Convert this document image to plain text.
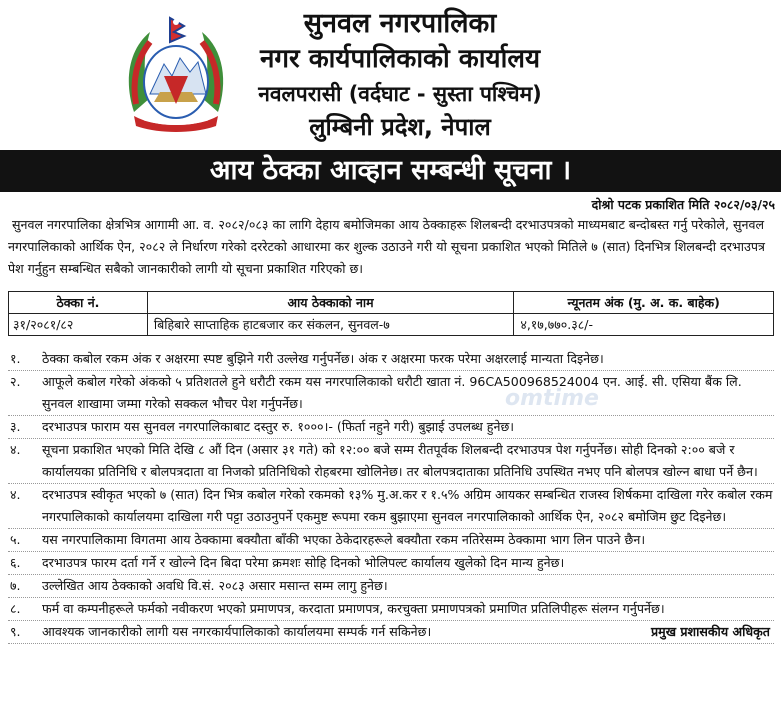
सुनवल नगरपालिका
नगर कार्यपालिकाको कार्यालय
नवलपरासी (वर्दघाट - सुस्ता पश्चिम)
लुम्बिनी प्रदेश, नेपाल
आय ठेक्का आव्हान सम्बन्धी सूचना ।
दोश्रो पटक प्रकाशित मिति २०८२/०३/२५
सुनवल नगरपालिका क्षेत्रभित्र आगामी आ. व. २०८२/०८३ का लागि देहाय बमोजिमका आय ठेक्काहरू शिलबन्दी दरभाउपत्रको माध्यमबाट बन्दोबस्त गर्नु परेकोले, सुनवल नगरपालिकाको आर्थिक ऐन, २०८२ ले निर्धारण गरेको दररेटको आधारमा कर शुल्क उठाउने गरी यो सूचना प्रकाशित भएको मितिले ७ (सात) दिनभित्र शिलबन्दी दरभाउपत्र पेश गर्नुहुन सम्बन्धित सबैको जानकारीको लागी यो सूचना प्रकाशित गरिएको छ।
ठेक्का नं.	आय ठेक्काको नाम	न्यूनतम अंक (मु. अ. क. बाहेक)
३१/२०८१/८२	बिहिबारे साप्ताहिक हाटबजार कर संकलन, सुनवल-७	४,१७,७७०.३८/-
१.	ठेक्का कबोल रकम अंक र अक्षरमा स्पष्ट बुझिने गरी उल्लेख गर्नुपर्नेछ। अंक र अक्षरमा फरक परेमा अक्षरलाई मान्यता दिइनेछ।
२.	आफूले कबोल गरेको अंकको ५ प्रतिशतले हुने धरौटी रकम यस नगरपालिकाको धरौटी खाता नं. 96CA500968524004 एन. आई. सी. एसिया बैंक लि. सुनवल शाखामा जम्मा गरेको सक्कल भौचर पेश गर्नुपर्नेछ।
३.	दरभाउपत्र फाराम यस सुनवल नगरपालिकाबाट दस्तुर रु. १०००।- (फिर्ता नहुने गरी) बुझाई उपलब्ध हुनेछ।
४.	सूचना प्रकाशित भएको मिति देखि ८ औं दिन (असार ३१ गते) को १२:०० बजे सम्म रीतपूर्वक शिलबन्दी दरभाउपत्र पेश गर्नुपर्नेछ। सोही दिनको २:०० बजे र कार्यालयका प्रतिनिधि र बोलपत्रदाता वा निजको प्रतिनिधिको रोहबरमा खोलिनेछ। तर बोलपत्रदाताका प्रतिनिधि उपस्थित नभए पनि बोलपत्र खोल्न बाधा पर्ने छैन।
४.	दरभाउपत्र स्वीकृत भएको ७ (सात) दिन भित्र कबोल गरेको रकमको १३% मु.अ.कर र १.५% अग्रिम आयकर सम्बन्धित राजस्व शिर्षकमा दाखिला गरेर कबोल रकम नगरपालिकाको कार्यालयमा दाखिला गरी पट्टा उठाउनुपर्ने एकमुष्ट रूपमा रकम बुझाएमा सुनवल नगरपालिकाको आर्थिक ऐन, २०८२ बमोजिम छुट दिइनेछ।
५.	यस नगरपालिकामा विगतमा आय ठेक्कामा बक्यौता बाँकी भएका ठेकेदारहरूले बक्यौता रकम नतिरेसम्म ठेक्कामा भाग लिन पाउने छैन।
६.	दरभाउपत्र फारम दर्ता गर्ने र खोल्ने दिन बिदा परेमा क्रमशः सोहि दिनको भोलिपल्ट कार्यालय खुलेको दिन मान्य हुनेछ।
७.	उल्लेखित आय ठेक्काको अवधि वि.सं. २०८३ असार मसान्त सम्म लागु हुनेछ।
८.	फर्म वा कम्पनीहरूले फर्मको नवीकरण भएको प्रमाणपत्र, करदाता प्रमाणपत्र, करचुक्ता प्रमाणपत्रको प्रमाणित प्रतिलिपीहरू संलग्न गर्नुपर्नेछ।
९.	आवश्यक जानकारीको लागी यस नगरकार्यपालिकाको कार्यालयमा सम्पर्क गर्न सकिनेछ।	प्रमुख प्रशासकीय अधिकृत
omtime
